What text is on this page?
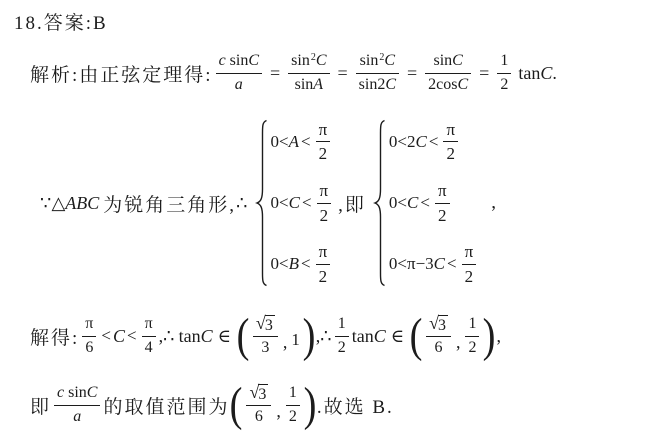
18.答案:B
解析:由正弦定理得: $\frac{\text{c sin C}}{a} = \frac{\sin 2 C}{\text{sin A}} = \frac{\sin 2 C}{\sin 2 C} = \frac{\text{sin C}}{\text{2cos C}} = \frac{1}{2}$ tan C .
∵△ ABC 为锐角三角形, ∴
$0< A < \frac{\pi}{2}$
$0< C < \frac{\pi}{2}$
$0< B < \frac{\pi}{2}$
,即
0<2 $C < \frac{\pi}{2}$
$0< C < \frac{\pi}{2}$
0<π−3 $C < \frac{\pi}{2}$
,
解得: $\frac{\pi}{6} < C < \frac{\pi}{4}$ ,∴ tan C ∈ ( $\frac{√ 3}{3}$ , 1 ) ,∴ $\frac{1}{2}$ tan C ∈ ( $\frac{√ 3}{6}$ , $\frac{1}{2}$ ) ,
即 $\frac{\text{c sin C}}{a}$ 的取值范围为 ( $\frac{√ 3}{6}$ , $\frac{1}{2}$ ) .故选 B.
